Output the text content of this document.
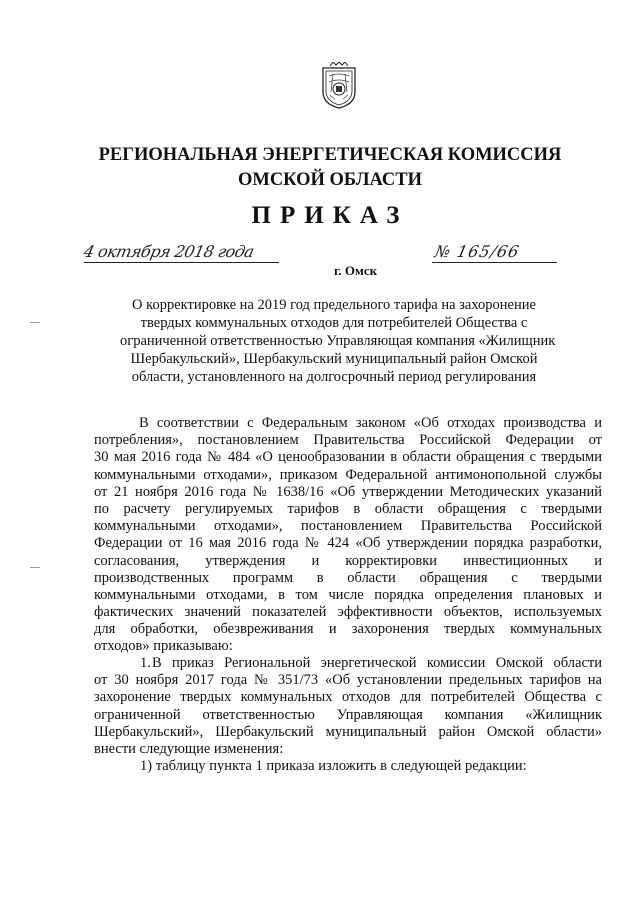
РЕГИОНАЛЬНАЯ ЭНЕРГЕТИЧЕСКАЯ КОМИССИЯ
ОМСКОЙ ОБЛАСТИ
ПРИКАЗ
4 октября 2018 года	№ 165/66
г. Омск
О корректировке на 2019 год предельного тарифа на захоронение
твердых коммунальных отходов для потребителей Общества с
ограниченной ответственностью Управляющая компания «Жилищник
Шербакульский», Шербакульский муниципальный район Омской
области, установленного на долгосрочный период регулирования
В соответствии с Федеральным законом «Об отходах производства и
потребления», постановлением Правительства Российской Федерации от
30 мая 2016 года № 484 «О ценообразовании в области обращения с твердыми
коммунальными отходами», приказом Федеральной антимонопольной службы
от 21 ноября 2016 года № 1638/16 «Об утверждении Методических указаний
по расчету регулируемых тарифов в области обращения с твердыми
коммунальными отходами», постановлением Правительства Российской
Федерации от 16 мая 2016 года № 424 «Об утверждении порядка разработки,
согласования, утверждения и корректировки инвестиционных и
производственных программ в области обращения с твердыми
коммунальными отходами, в том числе порядка определения плановых и
фактических значений показателей эффективности объектов, используемых
для обработки, обезвреживания и захоронения твердых коммунальных
отходов» приказываю:
1.В приказ Региональной энергетической комиссии Омской области
от 30 ноября 2017 года № 351/73 «Об установлении предельных тарифов на
захоронение твердых коммунальных отходов для потребителей Общества с
ограниченной ответственностью Управляющая компания «Жилищник
Шербакульский», Шербакульский муниципальный район Омской области»
внести следующие изменения:
1) таблицу пункта 1 приказа изложить в следующей редакции:
